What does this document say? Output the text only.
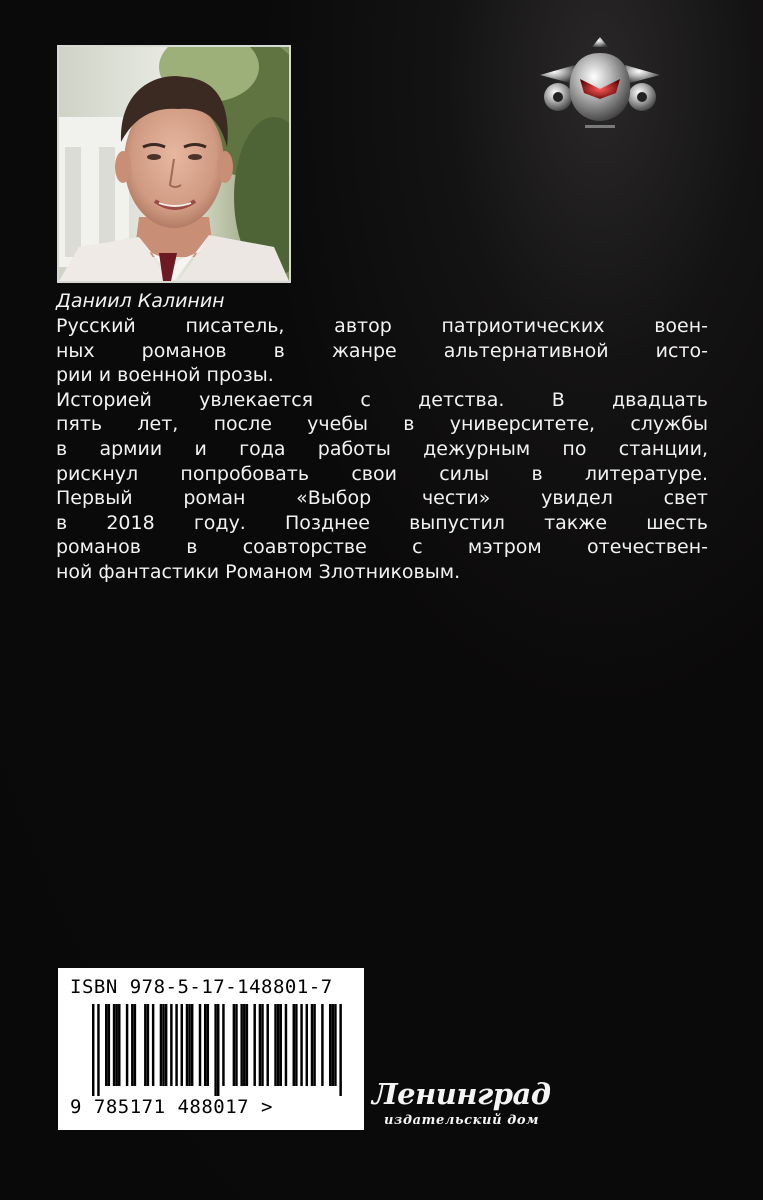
Даниил Калинин

Русский писатель, автор патриотических воен-
ных романов в жанре альтернативной исто-
рии и военной прозы.

Историей увлекается с детства. В двадцать
пять лет, после учебы в университете, службы
в армии и года работы дежурным по станции,
рискнул попробовать свои силы в литературе.
Первый роман «Выбор чести» увидел свет
в 2018 году. Позднее выпустил также шесть
романов в соавторстве с мэтром отечествен-
ной фантастики Романом Злотниковым.

ISBN 978-5-17-148801-7
9 785171 488017 >	Ленинград
издательский дом
